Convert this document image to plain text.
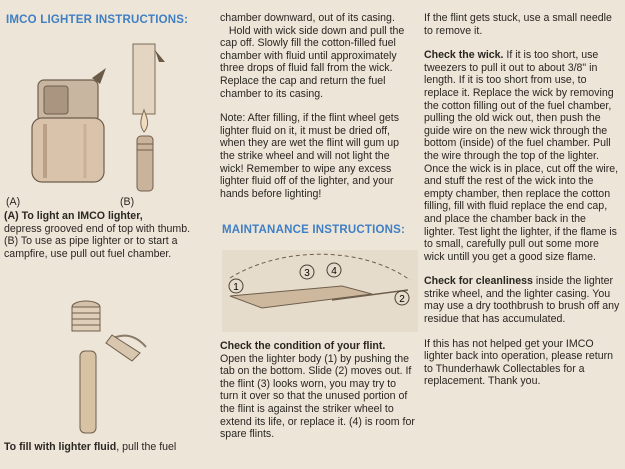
IMCO LIGHTER INSTRUCTIONS:
(A)	(B)

(A) To light an IMCO lighter,

depress grooved end of top with thumb.

(B) To use as pipe lighter or to start a campfire, use pull out fuel chamber.

To fill with lighter fluid, pull the fuel

chamber downward, out of its casing.

Hold with wick side down and pull the cap off. Slowly fill the cotton-filled fuel chamber with fluid until approximately three drops of fluid fall from the wick. Replace the cap and return the fuel chamber to its casing.

Note: After filling, if the flint wheel gets lighter fluid on it, it must be dried off, when they are wet the flint will gum up the strike wheel and will not light the wick! Remember to wipe any excess lighter fluid off of the lighter, and your hands before lighting!

MAINTANANCE INSTRUCTIONS:
1
3 4
2

Check the condition of your flint.

Open the lighter body (1) by pushing the tab on the bottom. Slide (2) moves out. If the flint (3) looks worn, you may try to turn it over so that the unused portion of the flint is against the striker wheel to extend its life, or replace it. (4) is room for spare flints.

If the flint gets stuck, use a small needle to remove it.

Check the wick. If it is too short, use tweezers to pull it out to about 3/8" in length. If it is too short from use, to replace it. Replace the wick by removing the cotton filling out of the fuel chamber, pulling the old wick out, then push the guide wire on the new wick through the bottom (inside) of the fuel chamber. Pull the wire through the top of the lighter. Once the wick is in place, cut off the wire, and stuff the rest of the wick into the empty chamber, then replace the cotton filling, fill with fluid replace the end cap, and place the chamber back in the lighter. Test light the lighter, if the flame is to small, carefully pull out some more wick untill you get a good size flame.

Check for cleanliness inside the lighter strike wheel, and the lighter casing. You may use a dry toothbrush to brush off any residue that has accumulated.

If this has not helped get your IMCO lighter back into operation, please return to Thunderhawk Collectables for a replacement. Thank you.
